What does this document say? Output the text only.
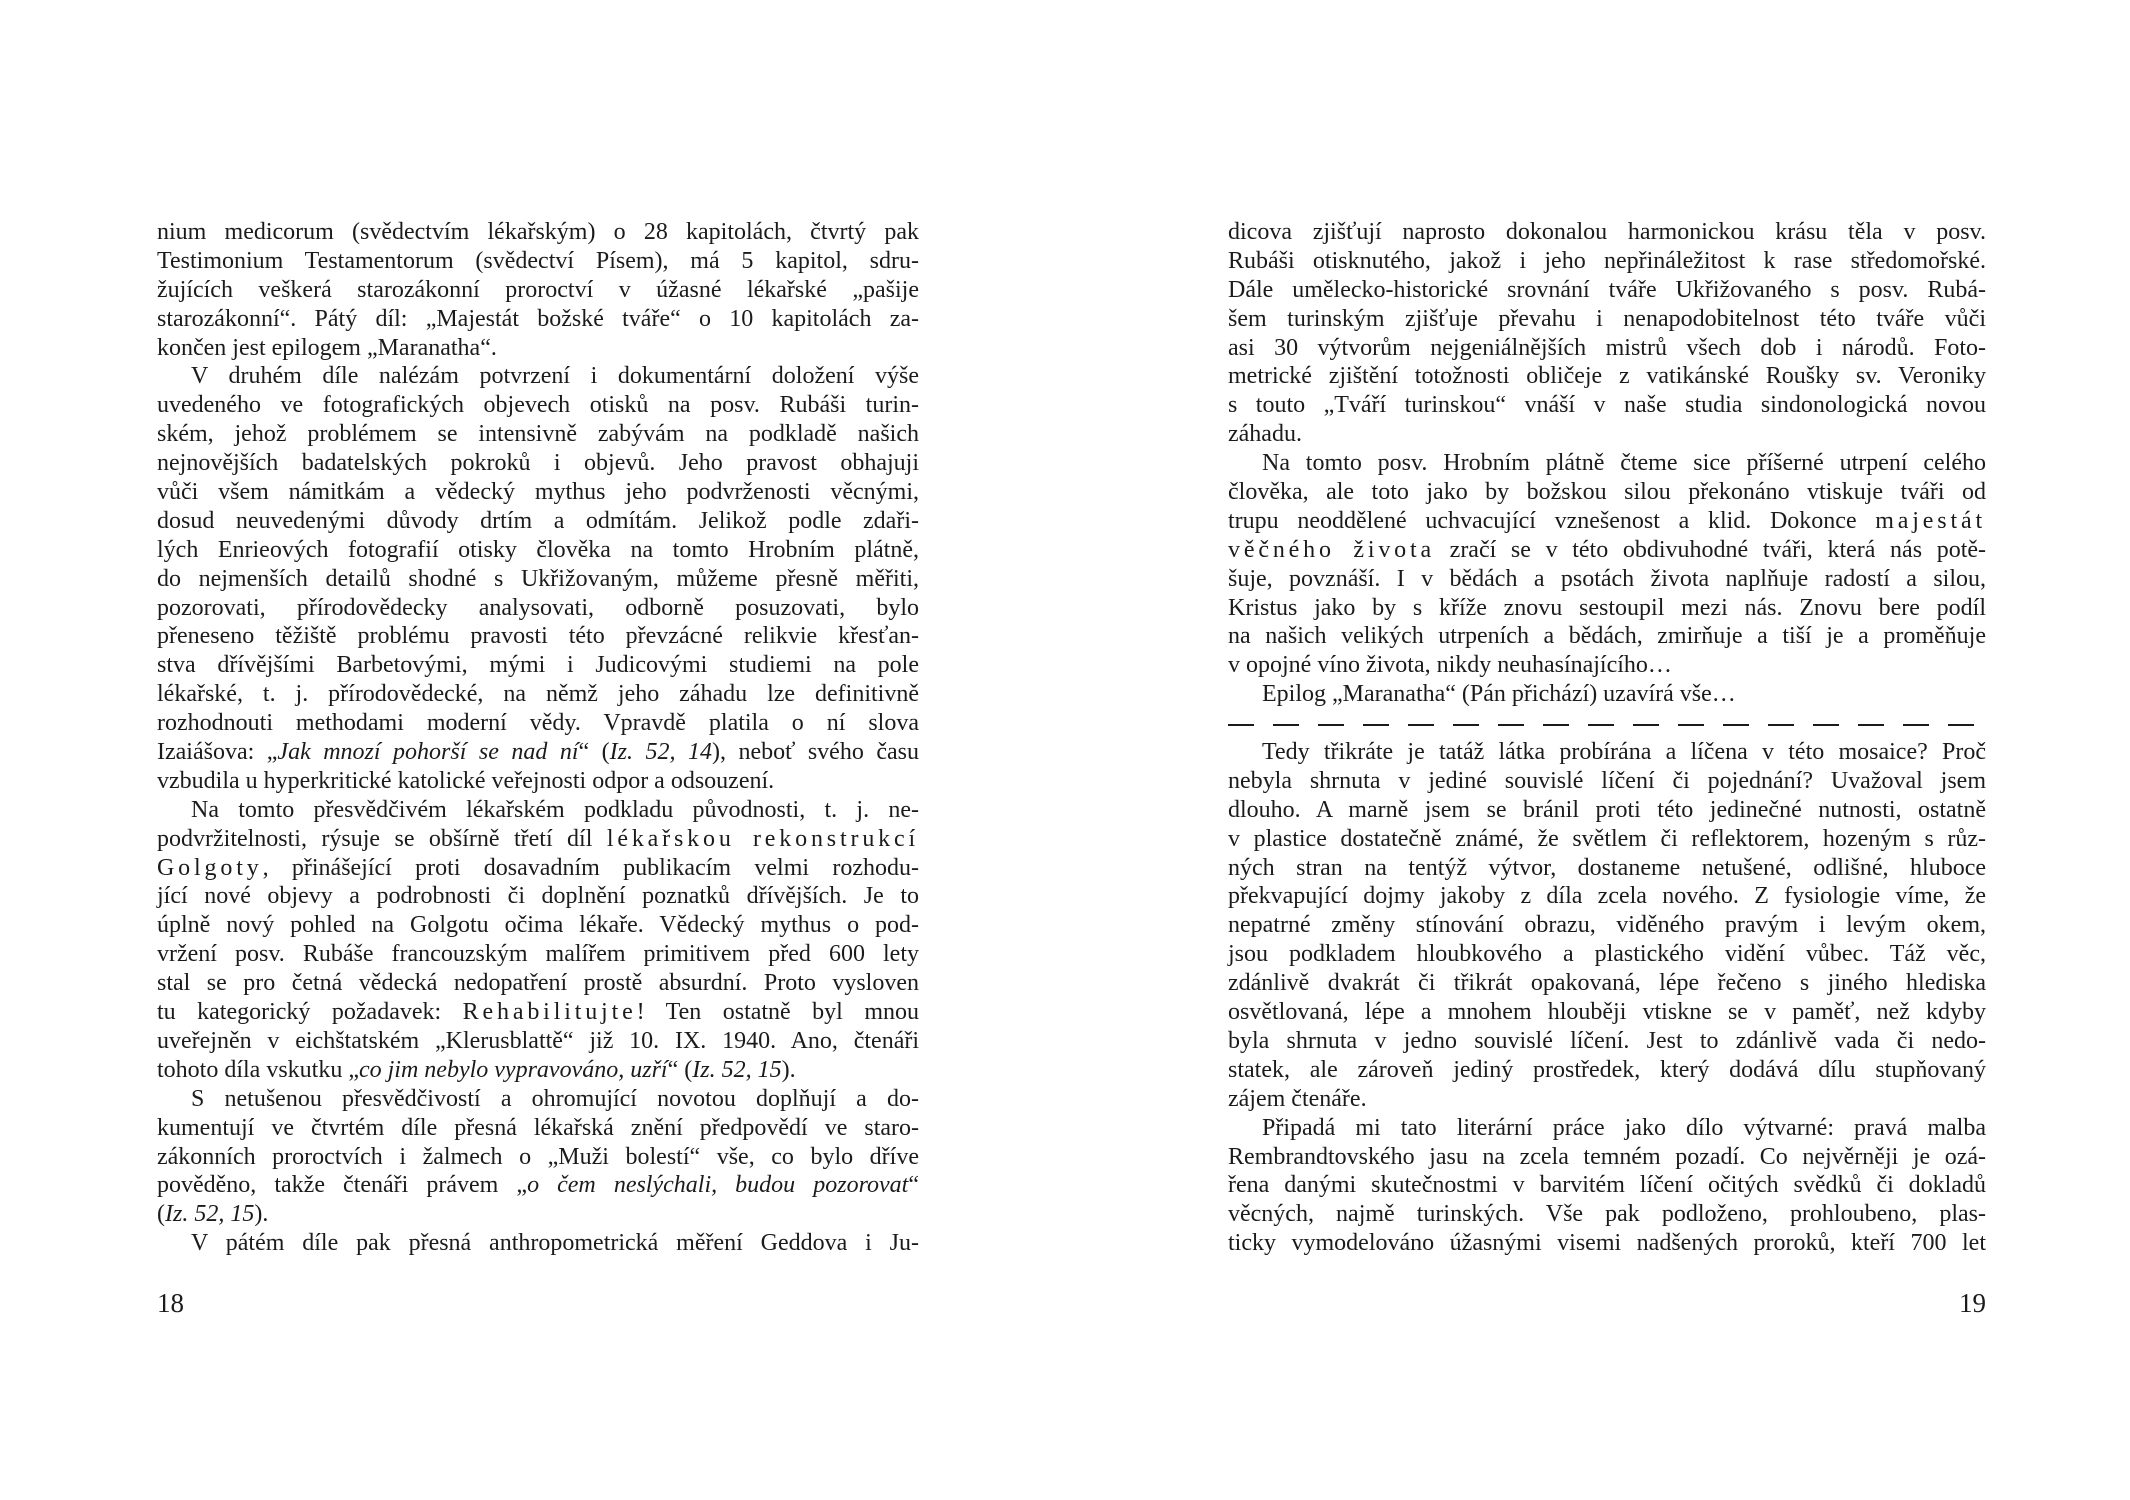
nium medicorum (svědectvím lékařským) o 28 kapitolách, čtvrtý pak
Testimonium Testamentorum (svědectví Písem), má 5 kapitol, sdru-
žujících veškerá starozákonní proroctví v úžasné lékařské „pašije
starozákonní“. Pátý díl: „Majestát božské tváře“ o 10 kapitolách za-
končen jest epilogem „Maranatha“.
V druhém díle nalézám potvrzení i dokumentární doložení výše
uvedeného ve fotografických objevech otisků na posv. Rubáši turin-
ském, jehož problémem se intensivně zabývám na podkladě našich
nejnovějších badatelských pokroků i objevů. Jeho pravost obhajuji
vůči všem námitkám a vědecký mythus jeho podvrženosti věcnými,
dosud neuvedenými důvody drtím a odmítám. Jelikož podle zdaři-
lých Enrieových fotografií otisky člověka na tomto Hrobním plátně,
do nejmenších detailů shodné s Ukřižovaným, můžeme přesně měřiti,
pozorovati, přírodovědecky analysovati, odborně posuzovati, bylo
přeneseno těžiště problému pravosti této převzácné relikvie křesťan-
stva dřívějšími Barbetovými, mými i Judicovými studiemi na pole
lékařské, t. j. přírodovědecké, na němž jeho záhadu lze definitivně
rozhodnouti methodami moderní vědy. Vpravdě platila o ní slova
Izaiášova: „Jak mnozí pohorší se nad ní“ (Iz. 52, 14), neboť svého času
vzbudila u hyperkritické katolické veřejnosti odpor a odsouzení.
Na tomto přesvědčivém lékařském podkladu původnosti, t. j. ne-
podvržitelnosti, rýsuje se obšírně třetí díl lékařskou rekonstrukcí
Golgoty, přinášející proti dosavadním publikacím velmi rozhodu-
jící nové objevy a podrobnosti či doplnění poznatků dřívějších. Je to
úplně nový pohled na Golgotu očima lékaře. Vědecký mythus o pod-
vržení posv. Rubáše francouzským malířem primitivem před 600 lety
stal se pro četná vědecká nedopatření prostě absurdní. Proto vysloven
tu kategorický požadavek: Rehabilitujte! Ten ostatně byl mnou
uveřejněn v eichštatském „Klerusblattě“ již 10. IX. 1940. Ano, čtenáři
tohoto díla vskutku „co jim nebylo vypravováno, uzří“ (Iz. 52, 15).
S netušenou přesvědčivostí a ohromující novotou doplňují a do-
kumentují ve čtvrtém díle přesná lékařská znění předpovědí ve staro-
zákonních proroctvích i žalmech o „Muži bolestí“ vše, co bylo dříve
pověděno, takže čtenáři právem „o čem neslýchali, budou pozorovat“
(Iz. 52, 15).
V pátém díle pak přesná anthropometrická měření Geddova i Ju-
18
dicova zjišťují naprosto dokonalou harmonickou krásu těla v posv.
Rubáši otisknutého, jakož i jeho nepřináležitost k rase středomořské.
Dále umělecko-historické srovnání tváře Ukřižovaného s posv. Rubá-
šem turinským zjišťuje převahu i nenapodobitelnost této tváře vůči
asi 30 výtvorům nejgeniálnějších mistrů všech dob i národů. Foto-
metrické zjištění totožnosti obličeje z vatikánské Roušky sv. Veroniky
s touto „Tváří turinskou“ vnáší v naše studia sindonologická novou
záhadu.
Na tomto posv. Hrobním plátně čteme sice příšerné utrpení celého
člověka, ale toto jako by božskou silou překonáno vtiskuje tváři od
trupu neoddělené uchvacující vznešenost a klid. Dokonce majestát
věčného života zračí se v této obdivuhodné tváři, která nás potě-
šuje, povznáší. I v bědách a psotách života naplňuje radostí a silou,
Kristus jako by s kříže znovu sestoupil mezi nás. Znovu bere podíl
na našich velikých utrpeních a bědách, zmirňuje a tiší je a proměňuje
v opojné víno života, nikdy neuhasínajícího…
Epilog „Maranatha“ (Pán přichází) uzavírá vše…
Tedy třikráte je tatáž látka probírána a líčena v této mosaice? Proč
nebyla shrnuta v jediné souvislé líčení či pojednání? Uvažoval jsem
dlouho. A marně jsem se bránil proti této jedinečné nutnosti, ostatně
v plastice dostatečně známé, že světlem či reflektorem, hozeným s růz-
ných stran na tentýž výtvor, dostaneme netušené, odlišné, hluboce
překvapující dojmy jakoby z díla zcela nového. Z fysiologie víme, že
nepatrné změny stínování obrazu, viděného pravým i levým okem,
jsou podkladem hloubkového a plastického vidění vůbec. Táž věc,
zdánlivě dvakrát či třikrát opakovaná, lépe řečeno s jiného hlediska
osvětlovaná, lépe a mnohem hlouběji vtiskne se v paměť, než kdyby
byla shrnuta v jedno souvislé líčení. Jest to zdánlivě vada či nedo-
statek, ale zároveň jediný prostředek, který dodává dílu stupňovaný
zájem čtenáře.
Připadá mi tato literární práce jako dílo výtvarné: pravá malba
Rembrandtovského jasu na zcela temném pozadí. Co nejvěrněji je ozá-
řena danými skutečnostmi v barvitém líčení očitých svědků či dokladů
věcných, najmě turinských. Vše pak podloženo, prohloubeno, plas-
ticky vymodelováno úžasnými visemi nadšených proroků, kteří 700 let
19
